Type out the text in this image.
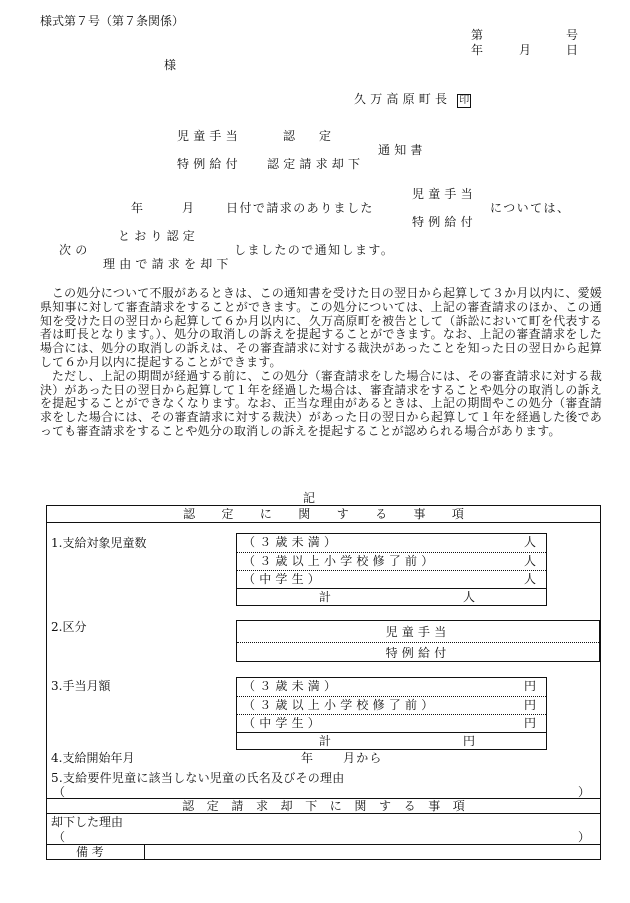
様式第７号（第７条関係）
第	号
年	月	日
様
久万高原町長 印
児童手当	認　定
通知書
特例給付 認定請求却下
児童手当
年	月	日付で請求のありました	については、
特例給付
とおり認定
次の	しましたので通知します。
理由で請求を却下

この処分について不服があるときは、この通知書を受けた日の翌日から起算して３か月以内に、愛媛県知事に対して審査請求をすることができます。この処分については、上記の審査請求のほか、この通知を受けた日の翌日から起算して６か月以内に、久万高原町を被告として（訴訟において町を代表する者は町長となります。）、処分の取消しの訴えを提起することができます。なお、上記の審査請求をした場合には、処分の取消しの訴えは、その審査請求に対する裁決があったことを知った日の翌日から起算して６か月以内に提起することができます。

ただし、上記の期間が経過する前に、この処分（審査請求をした場合には、その審査請求に対する裁決）があった日の翌日から起算して１年を経過した場合は、審査請求をすることや処分の取消しの訴えを提起することができなくなります。なお、正当な理由があるときは、上記の期間やこの処分（審査請求をした場合には、その審査請求に対する裁決）があった日の翌日から起算して１年を経過した後であっても審査請求をすることや処分の取消しの訴えを提起することが認められる場合があります。

記
認定に関する事項
1.支給対象児童数	（３歳未満）	人
（３歳以上小学校修了前）	人
（中学生）	人
計	人
2.区分	児童手当
特例給付
3.手当月額	（３歳未満）	円
（３歳以上小学校修了前）	円
（中学生）	円
計	円
4.支給開始年月	年 月から
5.支給要件児童に該当しない児童の氏名及びその理由
（	）
認定請求却下に関する事項
却下した理由
（	）
備考
